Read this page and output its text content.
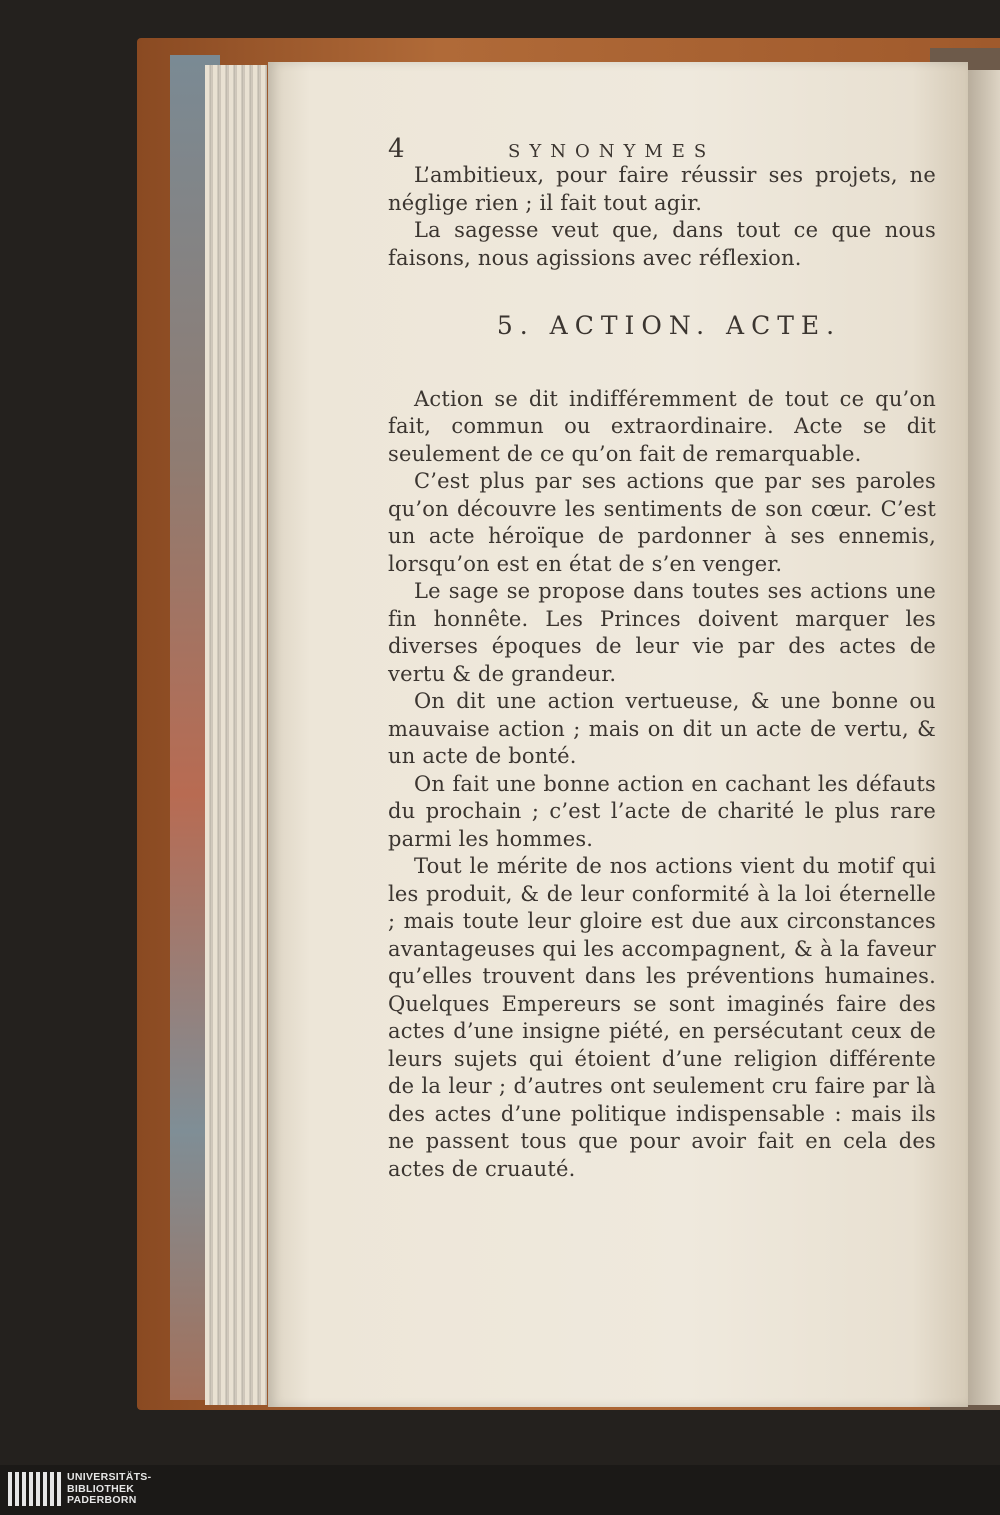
4	SYNONYMES

L’ambitieux, pour faire réussir ses projets, ne néglige rien ; il fait tout agir.

La sagesse veut que, dans tout ce que nous faisons, nous agissions avec réflexion.

5. ACTION. ACTE.

Action se dit indifféremment de tout ce qu’on fait, commun ou extraordinaire. Acte se dit seulement de ce qu’on fait de remarquable.

C’est plus par ses actions que par ses paroles qu’on découvre les sentiments de son cœur. C’est un acte héroïque de pardonner à ses ennemis, lorsqu’on est en état de s’en venger.

Le sage se propose dans toutes ses actions une fin honnête. Les Princes doivent marquer les diverses époques de leur vie par des actes de vertu & de grandeur.

On dit une action vertueuse, & une bonne ou mauvaise action ; mais on dit un acte de vertu, & un acte de bonté.

On fait une bonne action en cachant les défauts du prochain ; c’est l’acte de charité le plus rare parmi les hommes.

Tout le mérite de nos actions vient du motif qui les produit, & de leur conformité à la loi éternelle ; mais toute leur gloire est due aux circonstances avantageuses qui les accompagnent, & à la faveur qu’elles trouvent dans les préventions humaines. Quelques Empereurs se sont imaginés faire des actes d’une insigne piété, en persécutant ceux de leurs sujets qui étoient d’une religion différente de la leur ; d’autres ont seulement cru faire par là des actes d’une politique indispensable : mais ils ne passent tous que pour avoir fait en cela des actes de cruauté.

UNIVERSITÄTS-
BIBLIOTHEK
PADERBORN
